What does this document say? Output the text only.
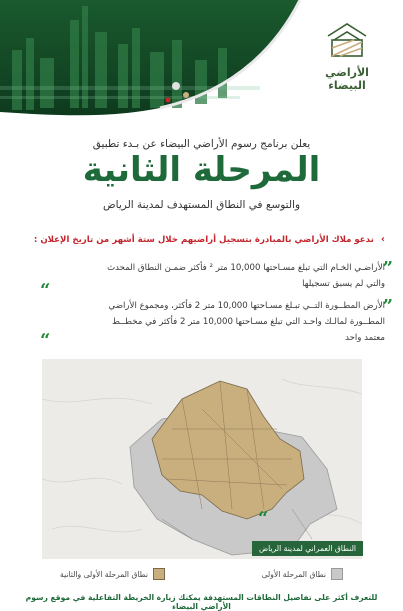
الأراضي البيضاء
يعلن برنامج رسوم الأراضي البيضاء عن بـدء تطبيق
المرحلة الثانية
والتوسع في النطاق المستهدف لمدينة الرياض
› ندعو ملاك الأراضي بالمبادرة بتسجيل أراضيهم خلال ستة أشهر من تاريخ الإعلان :
”
الأراضـي الخـام التي تبلغ مسـاحتها 10,000 متر ² فأكثر ضمـن النطاق المحدث
والتي لم يسبق تسجيلها
“
”
الأرض المطــورة التــي تبـلغ مسـاحتها 10,000 متر 2 فأكثر، ومجموع الأراضي
المطــورة لمالـك واحـد التي تبلغ مسـاحتها 10,000 متر 2 فأكثر في مخطــط
معتمد واحد
“
“
النطاق العمراني لمدينة الرياض
نطاق المرحلة الأولى
نطاق المرحلة الأولى والثانية
للتعرف أكثر على تفاصيل النطاقات المستهدفة يمكنك زيارة الخريطة التفاعلية في موقع رسوم الأراضي البيضاء
